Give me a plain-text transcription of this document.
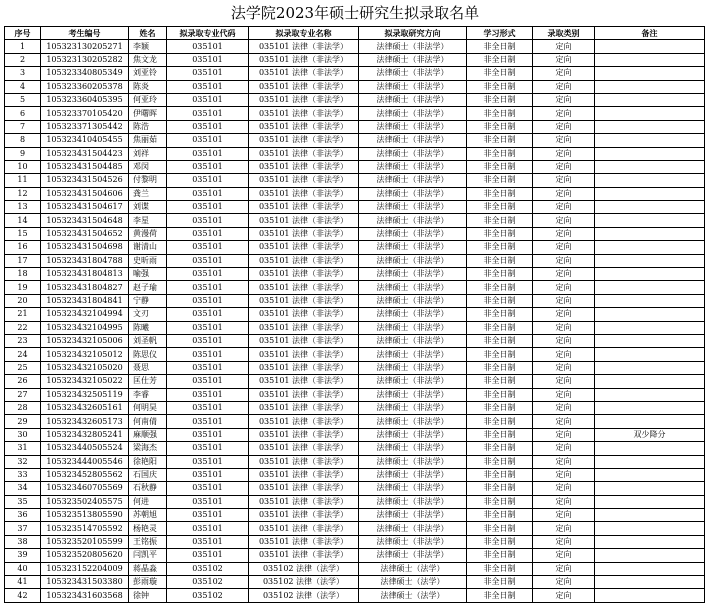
法学院2023年硕士研究生拟录取名单
序号	考生编号	姓名	拟录取专业代码	拟录取专业名称	拟录取研究方向	学习形式	录取类别	备注
1	105323130205271	李颖	035101	035101 法律（非法学）	法律硕士（非法学）	非全日制	定向	
2	105323130205282	焦文龙	035101	035101 法律（非法学）	法律硕士（非法学）	非全日制	定向	
3	105323340805349	刘亚铃	035101	035101 法律（非法学）	法律硕士（非法学）	非全日制	定向	
4	105323360205378	陈炎	035101	035101 法律（非法学）	法律硕士（非法学）	非全日制	定向	
5	105323360405395	何亚玲	035101	035101 法律（非法学）	法律硕士（非法学）	非全日制	定向	
6	105323370105420	伊曙晖	035101	035101 法律（非法学）	法律硕士（非法学）	非全日制	定向	
7	105323371305442	陈浩	035101	035101 法律（非法学）	法律硕士（非法学）	非全日制	定向	
8	105323410405455	焦丽茹	035101	035101 法律（非法学）	法律硕士（非法学）	非全日制	定向	
9	105323431504423	刘祥	035101	035101 法律（非法学）	法律硕士（非法学）	非全日制	定向	
10	105323431504485	邓闵	035101	035101 法律（非法学）	法律硕士（非法学）	非全日制	定向	
11	105323431504526	付黎明	035101	035101 法律（非法学）	法律硕士（非法学）	非全日制	定向	
12	105323431504606	龚兰	035101	035101 法律（非法学）	法律硕士（非法学）	非全日制	定向	
13	105323431504617	刘谍	035101	035101 法律（非法学）	法律硕士（非法学）	非全日制	定向	
14	105323431504648	李星	035101	035101 法律（非法学）	法律硕士（非法学）	非全日制	定向	
15	105323431504652	黄漫荷	035101	035101 法律（非法学）	法律硕士（非法学）	非全日制	定向	
16	105323431504698	谢清山	035101	035101 法律（非法学）	法律硕士（非法学）	非全日制	定向	
17	105323431804788	史昕雨	035101	035101 法律（非法学）	法律硕士（非法学）	非全日制	定向	
18	105323431804813	喻强	035101	035101 法律（非法学）	法律硕士（非法学）	非全日制	定向	
19	105323431804827	赵子瑜	035101	035101 法律（非法学）	法律硕士（非法学）	非全日制	定向	
20	105323431804841	宁静	035101	035101 法律（非法学）	法律硕士（非法学）	非全日制	定向	
21	105323432104994	文刃	035101	035101 法律（非法学）	法律硕士（非法学）	非全日制	定向	
22	105323432104995	陈曦	035101	035101 法律（非法学）	法律硕士（非法学）	非全日制	定向	
23	105323432105006	刘圣帆	035101	035101 法律（非法学）	法律硕士（非法学）	非全日制	定向	
24	105323432105012	陈思仪	035101	035101 法律（非法学）	法律硕士（非法学）	非全日制	定向	
25	105323432105020	聂思	035101	035101 法律（非法学）	法律硕士（非法学）	非全日制	定向	
26	105323432105022	匡仕芳	035101	035101 法律（非法学）	法律硕士（非法学）	非全日制	定向	
27	105323432505119	李睿	035101	035101 法律（非法学）	法律硕士（非法学）	非全日制	定向	
28	105323432605161	何明昊	035101	035101 法律（非法学）	法律硕士（非法学）	非全日制	定向	
29	105323432605173	何南倩	035101	035101 法律（非法学）	法律硕士（非法学）	非全日制	定向	
30	105323432805241	麻顺强	035101	035101 法律（非法学）	法律硕士（非法学）	非全日制	定向	双少降分
31	105323440505524	梁海杰	035101	035101 法律（非法学）	法律硕士（非法学）	非全日制	定向	
32	105323444005546	徐艳阳	035101	035101 法律（非法学）	法律硕士（非法学）	非全日制	定向	
33	105323452805562	石国庆	035101	035101 法律（非法学）	法律硕士（非法学）	非全日制	定向	
34	105323460705569	石秋静	035101	035101 法律（非法学）	法律硕士（非法学）	非全日制	定向	
35	105323502405575	何进	035101	035101 法律（非法学）	法律硕士（非法学）	非全日制	定向	
36	105323513805590	苏朝旭	035101	035101 法律（非法学）	法律硕士（非法学）	非全日制	定向	
37	105323514705592	杨艳灵	035101	035101 法律（非法学）	法律硕士（非法学）	非全日制	定向	
38	105323520105599	王铭振	035101	035101 法律（非法学）	法律硕士（非法学）	非全日制	定向	
39	105323520805620	闫凯平	035101	035101 法律（非法学）	法律硕士（非法学）	非全日制	定向	
40	105323152204009	蒋晶淼	035102	035102 法律（法学）	法律硕士（法学）	非全日制	定向	
41	105323431503380	彭雨璇	035102	035102 法律（法学）	法律硕士（法学）	非全日制	定向	
42	105323431603568	徐钟	035102	035102 法律（法学）	法律硕士（法学）	非全日制	定向	
